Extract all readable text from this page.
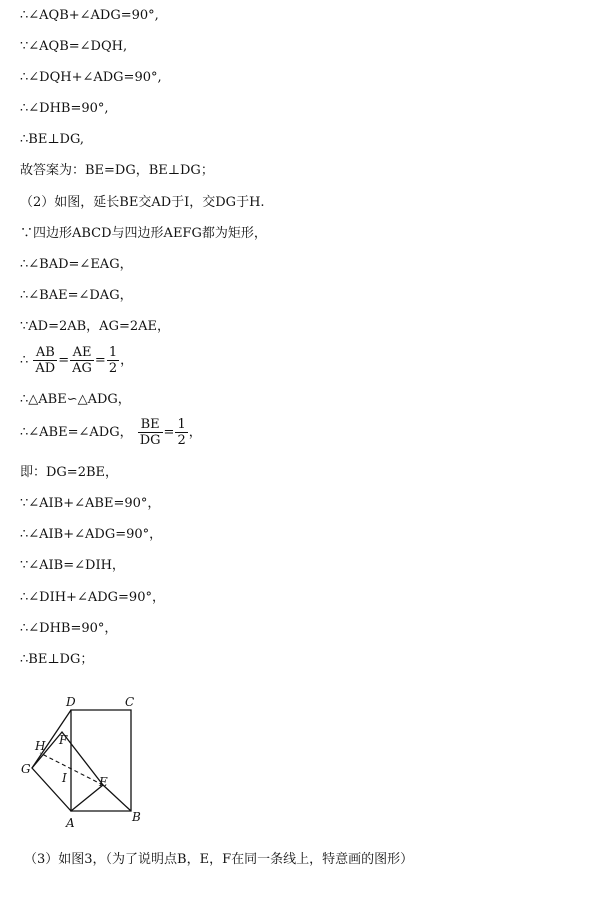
∴∠AQB+∠ADG=90°,
∵∠AQB=∠DQH,
∴∠DQH+∠ADG=90°,
∴∠DHB=90°,
∴BE⊥DG,
故答案为：BE=DG，BE⊥DG；
（2）如图，延长BE交AD于I，交DG于H.
∵四边形ABCD与四边形AEFG都为矩形，
∴∠BAD=∠EAG，
∴∠BAE=∠DAG，
∵AD=2AB，AG=2AE，
∴ $\frac{AB}{AD} = \frac{AE}{AG} = \frac{1}{2}$ ，
∴△ABE∽△ADG，
∴∠ABE=∠ADG， $\frac{BE}{DG} = \frac{1}{2}$ ，
即：DG=2BE，
∵∠AIB+∠ABE=90°，
∴∠AIB+∠ADG=90°，
∵∠AIB=∠DIH，
∴∠DIH+∠ADG=90°，
∴∠DHB=90°，
∴BE⊥DG；
D	C
H F
G
I	E
A	B
（3）如图3，（为了说明点B，E，F在同一条线上，特意画的图形）
